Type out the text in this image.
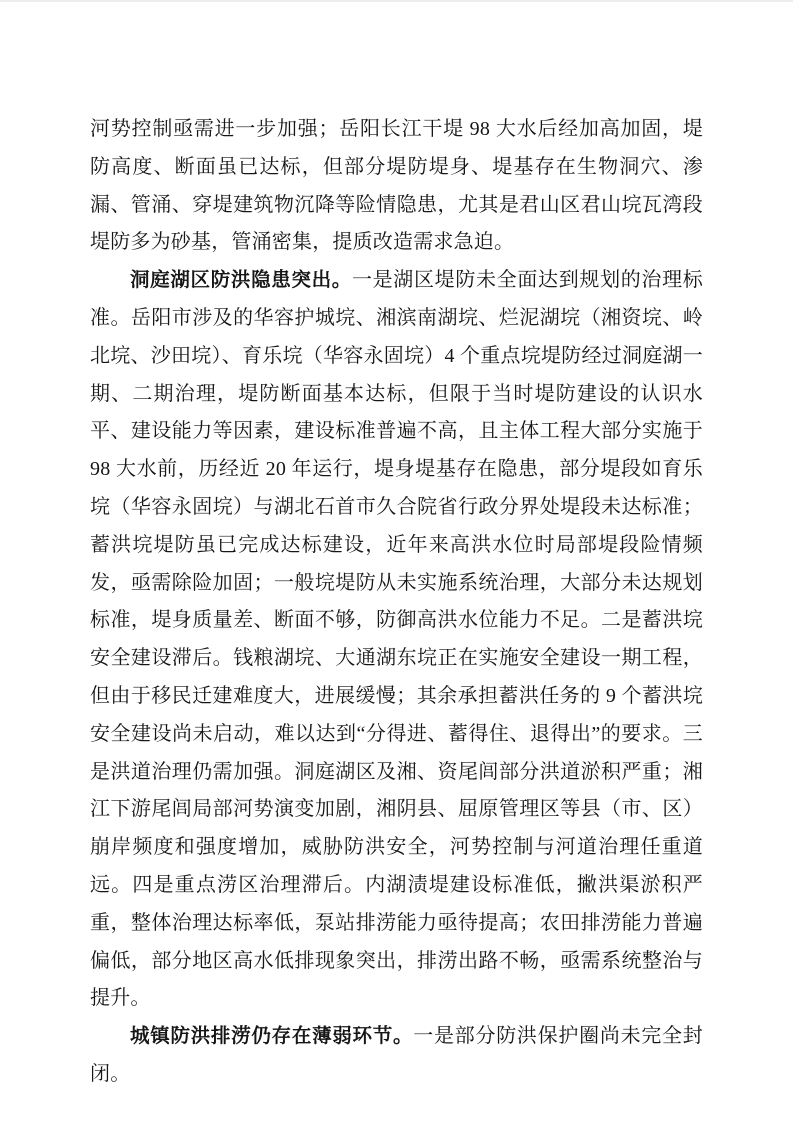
河势控制亟需进一步加强；岳阳长江干堤 98 大水后经加高加固，堤防高度、断面虽已达标，但部分堤防堤身、堤基存在生物洞穴、渗漏、管涌、穿堤建筑物沉降等险情隐患，尤其是君山区君山垸瓦湾段堤防多为砂基，管涌密集，提质改造需求急迫。

洞庭湖区防洪隐患突出。一是湖区堤防未全面达到规划的治理标准。岳阳市涉及的华容护城垸、湘滨南湖垸、烂泥湖垸（湘资垸、岭北垸、沙田垸）、育乐垸（华容永固垸）4 个重点垸堤防经过洞庭湖一期、二期治理，堤防断面基本达标，但限于当时堤防建设的认识水平、建设能力等因素，建设标准普遍不高，且主体工程大部分实施于 98 大水前，历经近 20 年运行，堤身堤基存在隐患，部分堤段如育乐垸（华容永固垸）与湖北石首市久合院省行政分界处堤段未达标准；蓄洪垸堤防虽已完成达标建设，近年来高洪水位时局部堤段险情频发，亟需除险加固；一般垸堤防从未实施系统治理，大部分未达规划标准，堤身质量差、断面不够，防御高洪水位能力不足。二是蓄洪垸安全建设滞后。钱粮湖垸、大通湖东垸正在实施安全建设一期工程，但由于移民迁建难度大，进展缓慢；其余承担蓄洪任务的 9 个蓄洪垸安全建设尚未启动，难以达到“分得进、蓄得住、退得出”的要求。三是洪道治理仍需加强。洞庭湖区及湘、资尾闾部分洪道淤积严重；湘江下游尾闾局部河势演变加剧，湘阴县、屈原管理区等县（市、区）崩岸频度和强度增加，威胁防洪安全，河势控制与河道治理任重道远。四是重点涝区治理滞后。内湖渍堤建设标准低，撇洪渠淤积严重，整体治理达标率低，泵站排涝能力亟待提高；农田排涝能力普遍偏低，部分地区高水低排现象突出，排涝出路不畅，亟需系统整治与提升。

城镇防洪排涝仍存在薄弱环节。一是部分防洪保护圈尚未完全封闭。
